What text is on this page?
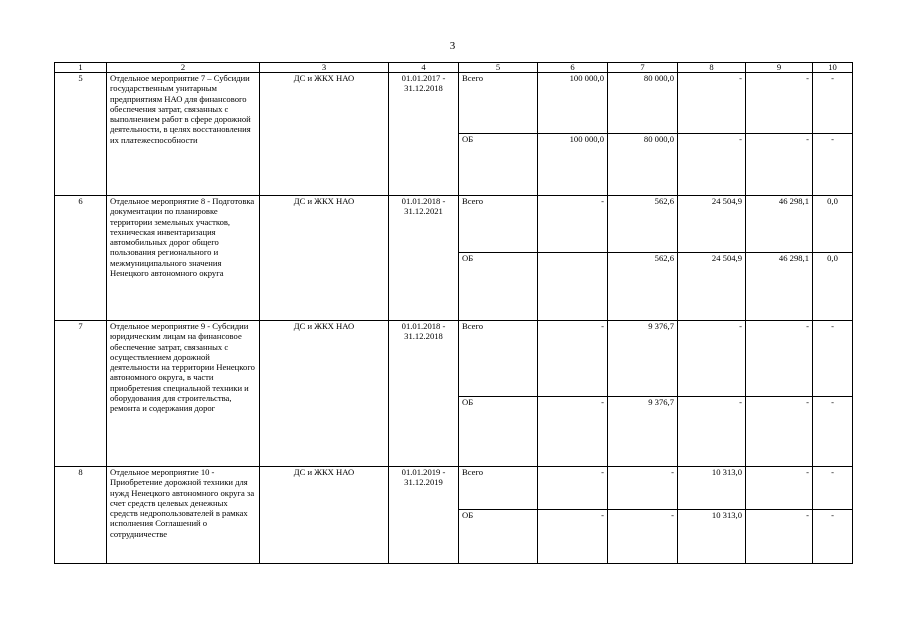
3
1	2	3	4	5	6	7	8	9	10
5	Отдельное мероприятие 7 – Субсидии государственным унитарным предприятиям НАО для финансового обеспечения затрат, связанных с выполнением работ в сфере дорожной деятельности, в целях восстановления их платежеспособности	ДС и ЖКХ НАО	01.01.2017 - 31.12.2018	Всего	100 000,0	80 000,0	-	-	-
				ОБ	100 000,0	80 000,0	-	-	-
6	Отдельное мероприятие 8 - Подготовка документации по планировке территории земельных участков, техническая инвентаризация автомобильных дорог общего пользования регионального и межмуниципального значения Ненецкого автономного округа	ДС и ЖКХ НАО	01.01.2018 - 31.12.2021	Всего	-	562,6	24 504,9	46 298,1	0,0
				ОБ		562,6	24 504,9	46 298,1	0,0
7	Отдельное мероприятие 9 - Субсидии юридическим лицам на финансовое обеспечение затрат, связанных с осуществлением дорожной деятельности на территории Ненецкого автономного округа, в части приобретения специальной техники и оборудования для строительства, ремонта и содержания дорог	ДС и ЖКХ НАО	01.01.2018 - 31.12.2018	Всего	-	9 376,7	-	-	-
				ОБ	-	9 376,7	-	-	-
8	Отдельное мероприятие 10 - Приобретение дорожной техники для нужд Ненецкого автономного округа за счет средств целевых денежных средств недропользователей в рамках исполнения Соглашений о сотрудничестве	ДС и ЖКХ НАО	01.01.2019 - 31.12.2019	Всего	-	-	10 313,0	-	-
				ОБ	-	-	10 313,0	-	-
